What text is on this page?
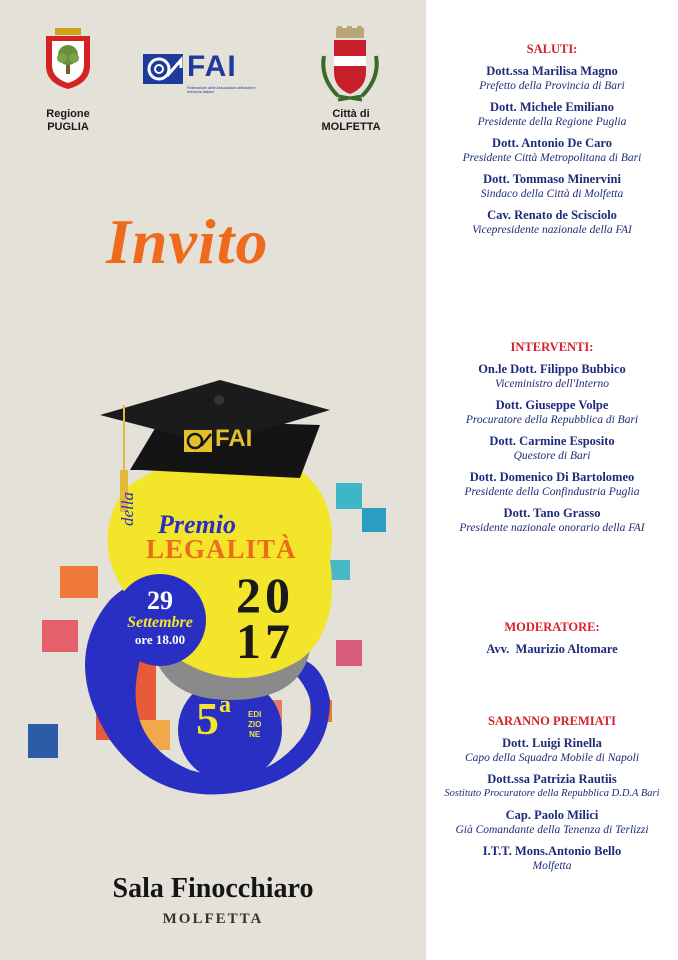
Regione
PUGLIA
FAI
Federazione delle Associazioni antiracket e antiusura italiane
Città di
MOLFETTA
Invito
FAI
della Premio
LEGALITÀ
20
17
29
Settembre
ore 18.00
5a EDI
ZIO
NE
Sala Finocchiaro
MOLFETTA
SALUTI:
Dott.ssa Marilisa Magno
Prefetto della Provincia di Bari
Dott. Michele Emiliano
Presidente della Regione Puglia
Dott. Antonio De Caro
Presidente Città Metropolitana di Bari
Dott. Tommaso Minervini
Sindaco della Città di Molfetta
Cav. Renato de Scisciolo
Vicepresidente nazionale della FAI
INTERVENTI:
On.le Dott. Filippo Bubbico
Viceministro dell'Interno
Dott. Giuseppe Volpe
Procuratore della Repubblica di Bari
Dott. Carmine Esposito
Questore di Bari
Dott. Domenico Di Bartolomeo
Presidente della Confindustria Puglia
Dott. Tano Grasso
Presidente nazionale onorario della FAI
MODERATORE:
Avv.  Maurizio Altomare
SARANNO PREMIATI
Dott. Luigi Rinella
Capo della Squadra Mobile di Napoli
Dott.ssa Patrizia Rautiis
Sostituto Procuratore della Repubblica D.D.A Bari
Cap. Paolo Milici
Già Comandante della Tenenza di Terlizzi
I.T.T. Mons.Antonio Bello
Molfetta
